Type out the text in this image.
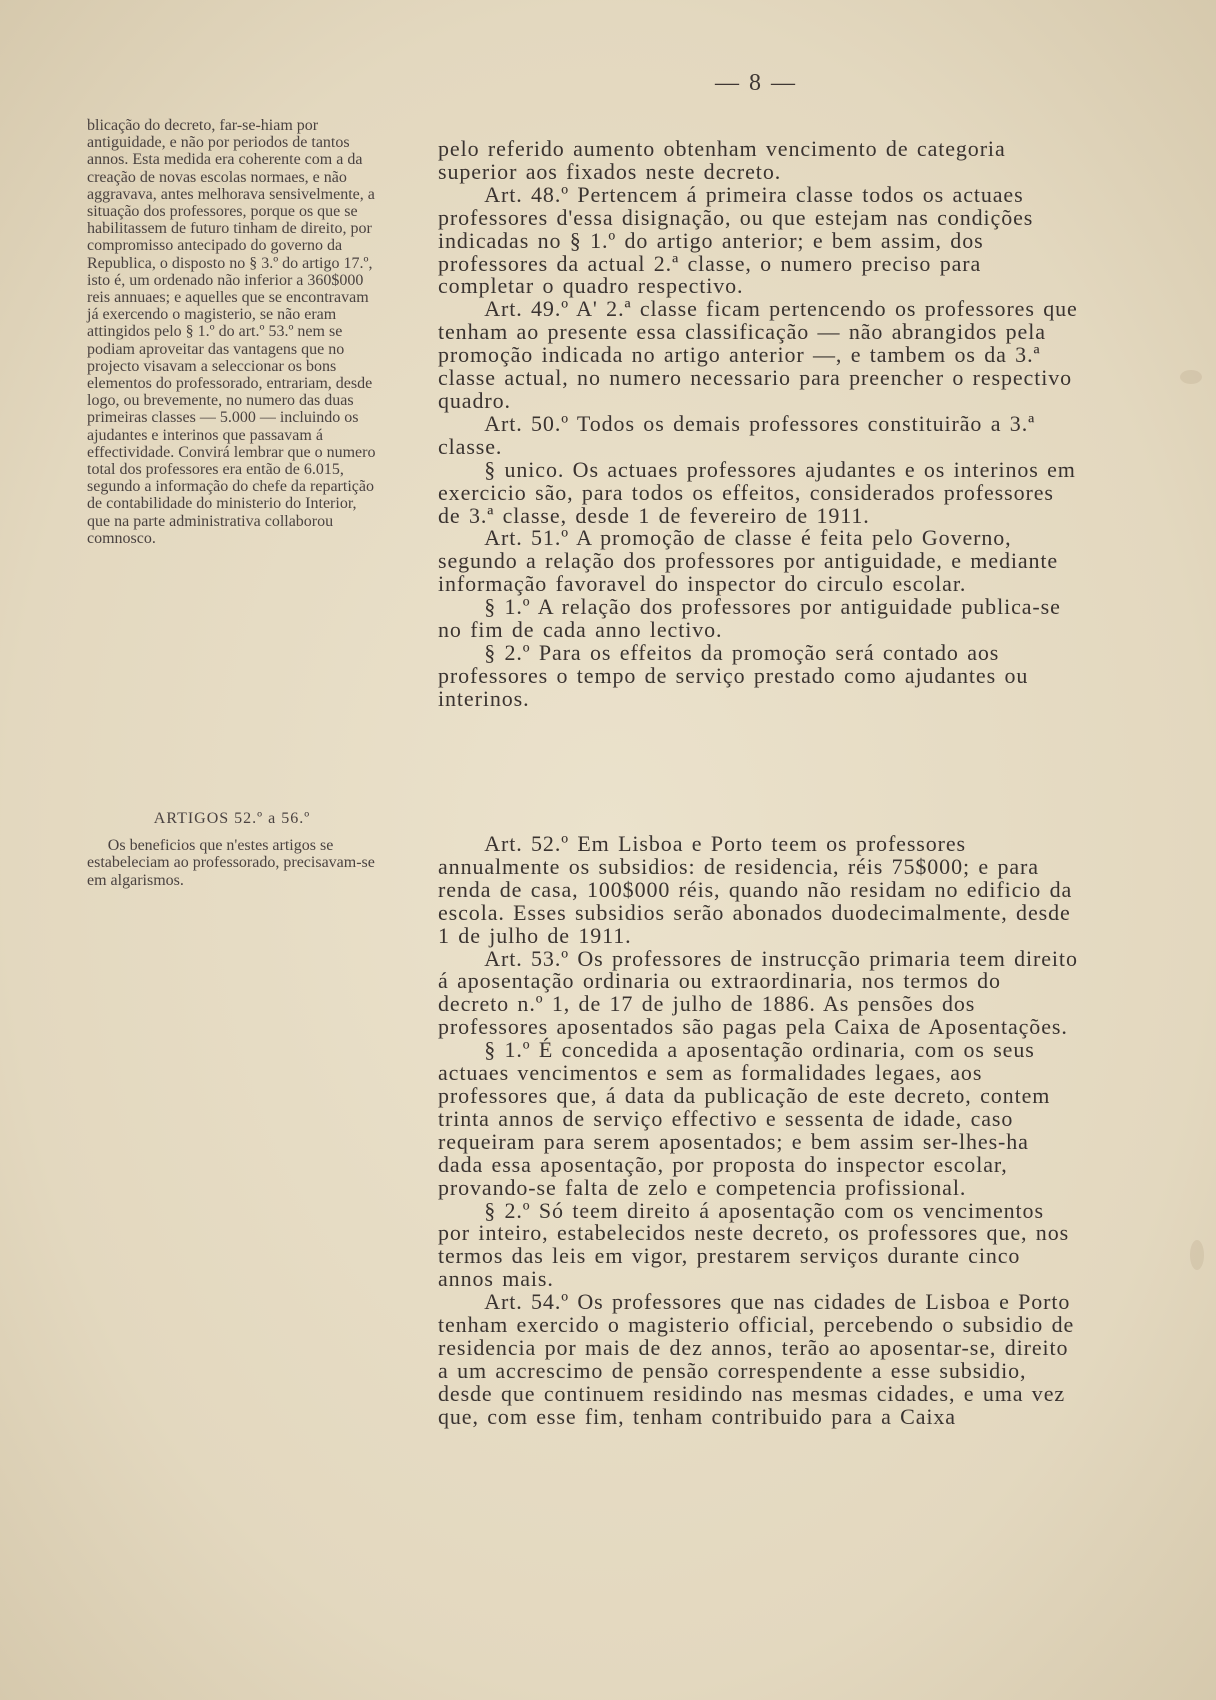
— 8 —

blicação do decreto, far-se-hiam por antiguidade, e não por periodos de tantos annos. Esta medida era coherente com a da creação de novas escolas normaes, e não aggravava, antes melhorava sensivelmente, a situação dos professores, porque os que se habilitassem de futuro tinham de direito, por compromisso antecipado do governo da Republica, o disposto no § 3.º do artigo 17.º, isto é, um ordenado não inferior a 360$000 reis annuaes; e aquelles que se encontravam já exercendo o magisterio, se não eram attingidos pelo § 1.º do art.º 53.º nem se podiam aproveitar das vantagens que no projecto visavam a seleccionar os bons elementos do professorado, entrariam, desde logo, ou brevemente, no numero das duas primeiras classes — 5.000 — incluindo os ajudantes e interinos que passavam á effectividade. Convirá lembrar que o numero total dos professores era então de 6.015, segundo a informação do chefe da repartição de contabilidade do ministerio do Interior, que na parte administrativa collaborou comnosco.

ARTIGOS 52.º a 56.º

Os beneficios que n'estes artigos se estabeleciam ao professorado, precisavam-se em algarismos.

pelo referido aumento obtenham vencimento de categoria superior aos fixados neste decreto.

Art. 48.º Pertencem á primeira classe todos os actuaes professores d'essa disignação, ou que estejam nas condições indicadas no § 1.º do artigo anterior; e bem assim, dos professores da actual 2.ª classe, o numero preciso para completar o quadro respectivo.

Art. 49.º A' 2.ª classe ficam pertencendo os professores que tenham ao presente essa classificação — não abrangidos pela promoção indicada no artigo anterior —, e tambem os da 3.ª classe actual, no numero necessario para preencher o respectivo quadro.

Art. 50.º Todos os demais professores constituirão a 3.ª classe.

§ unico. Os actuaes professores ajudantes e os interinos em exercicio são, para todos os effeitos, considerados professores de 3.ª classe, desde 1 de fevereiro de 1911.

Art. 51.º A promoção de classe é feita pelo Governo, segundo a relação dos professores por antiguidade, e mediante informação favoravel do inspector do circulo escolar.

§ 1.º A relação dos professores por antiguidade publica-se no fim de cada anno lectivo.

§ 2.º Para os effeitos da promoção será contado aos professores o tempo de serviço prestado como ajudantes ou interinos.

Art. 52.º Em Lisboa e Porto teem os professores annualmente os subsidios: de residencia, réis 75$000; e para renda de casa, 100$000 réis, quando não residam no edificio da escola. Esses subsidios serão abonados duodecimalmente, desde 1 de julho de 1911.

Art. 53.º Os professores de instrucção primaria teem direito á aposentação ordinaria ou extraordinaria, nos termos do decreto n.º 1, de 17 de julho de 1886. As pensões dos professores aposentados são pagas pela Caixa de Aposentações.

§ 1.º É concedida a aposentação ordinaria, com os seus actuaes vencimentos e sem as formalidades legaes, aos professores que, á data da publicação de este decreto, contem trinta annos de serviço effectivo e sessenta de idade, caso requeiram para serem aposentados; e bem assim ser-lhes-ha dada essa aposentação, por proposta do inspector escolar, provando-se falta de zelo e competencia profissional.

§ 2.º Só teem direito á aposentação com os vencimentos por inteiro, estabelecidos neste decreto, os professores que, nos termos das leis em vigor, prestarem serviços durante cinco annos mais.

Art. 54.º Os professores que nas cidades de Lisboa e Porto tenham exercido o magisterio official, percebendo o subsidio de residencia por mais de dez annos, terão ao aposentar-se, direito a um accrescimo de pensão correspendente a esse subsidio, desde que continuem residindo nas mesmas cidades, e uma vez que, com esse fim, tenham contribuido para a Caixa
